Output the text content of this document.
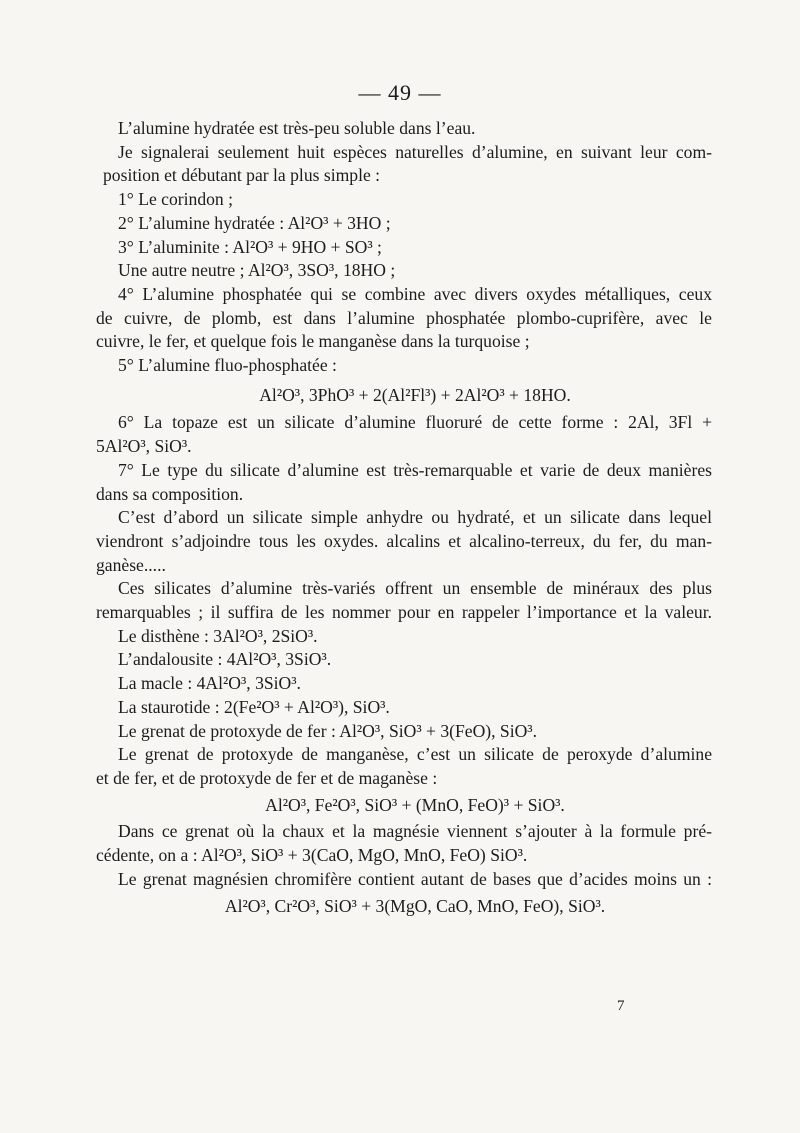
— 49 —

L’alumine hydratée est très-peu soluble dans l’eau.

Je signalerai seulement huit espèces naturelles d’alumine, en suivant leur com-

position et débutant par la plus simple :

1° Le corindon ;

2° L’alumine hydratée : Al²O³ + 3HO ;

3° L’aluminite : Al²O³ + 9HO + SO³ ;

Une autre neutre ; Al²O³, 3SO³, 18HO ;

4° L’alumine phosphatée qui se combine avec divers oxydes métalliques, ceux

de cuivre, de plomb, est dans l’alumine phosphatée plombo-cuprifère, avec le

cuivre, le fer, et quelque fois le manganèse dans la turquoise ;

5° L’alumine fluo-phosphatée :

Al²O³, 3PhO³ + 2(Al²Fl³) + 2Al²O³ + 18HO.

6° La topaze est un silicate d’alumine fluoruré de cette forme : 2Al, 3Fl +

5Al²O³, SiO³.

7° Le type du silicate d’alumine est très-remarquable et varie de deux manières

dans sa composition.

C’est d’abord un silicate simple anhydre ou hydraté, et un silicate dans lequel

viendront s’adjoindre tous les oxydes. alcalins et alcalino-terreux, du fer, du man-

ganèse.....

Ces silicates d’alumine très-variés offrent un ensemble de minéraux des plus

remarquables ; il suffira de les nommer pour en rappeler l’importance et la valeur.

Le disthène : 3Al²O³, 2SiO³.

L’andalousite : 4Al²O³, 3SiO³.

La macle : 4Al²O³, 3SiO³.

La staurotide : 2(Fe²O³ + Al²O³), SiO³.

Le grenat de protoxyde de fer : Al²O³, SiO³ + 3(FeO), SiO³.

Le grenat de protoxyde de manganèse, c’est un silicate de peroxyde d’alumine

et de fer, et de protoxyde de fer et de maganèse :

Al²O³, Fe²O³, SiO³ + (MnO, FeO)³ + SiO³.

Dans ce grenat où la chaux et la magnésie viennent s’ajouter à la formule pré-

cédente, on a : Al²O³, SiO³ + 3(CaO, MgO, MnO, FeO) SiO³.

Le grenat magnésien chromifère contient autant de bases que d’acides moins un :

Al²O³, Cr²O³, SiO³ + 3(MgO, CaO, MnO, FeO), SiO³.

7
